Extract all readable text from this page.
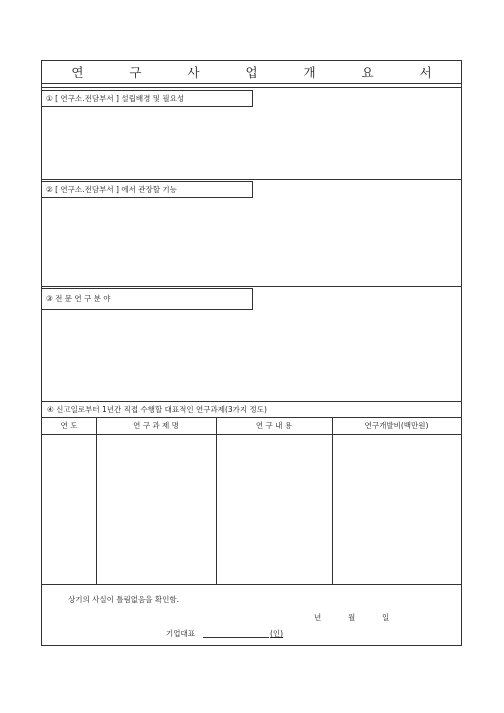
연 구 사 업 개 요 서
① [ 연구소․전담부서 ] 설립배경 및 필요성
② [ 연구소․전담부서 ] 에서 관장할 기능
③ 전 문 연 구 분 야
④ 신고일로부터 1년간 직접 수행할 대표적인 연구과제(3가지 정도)
연 도	연 구 과 제 명	연 구 내 용	연구개발비(백만원)
상기의 사실이 틀림없음을 확인함.
년	월	일
기업대표	(인)
